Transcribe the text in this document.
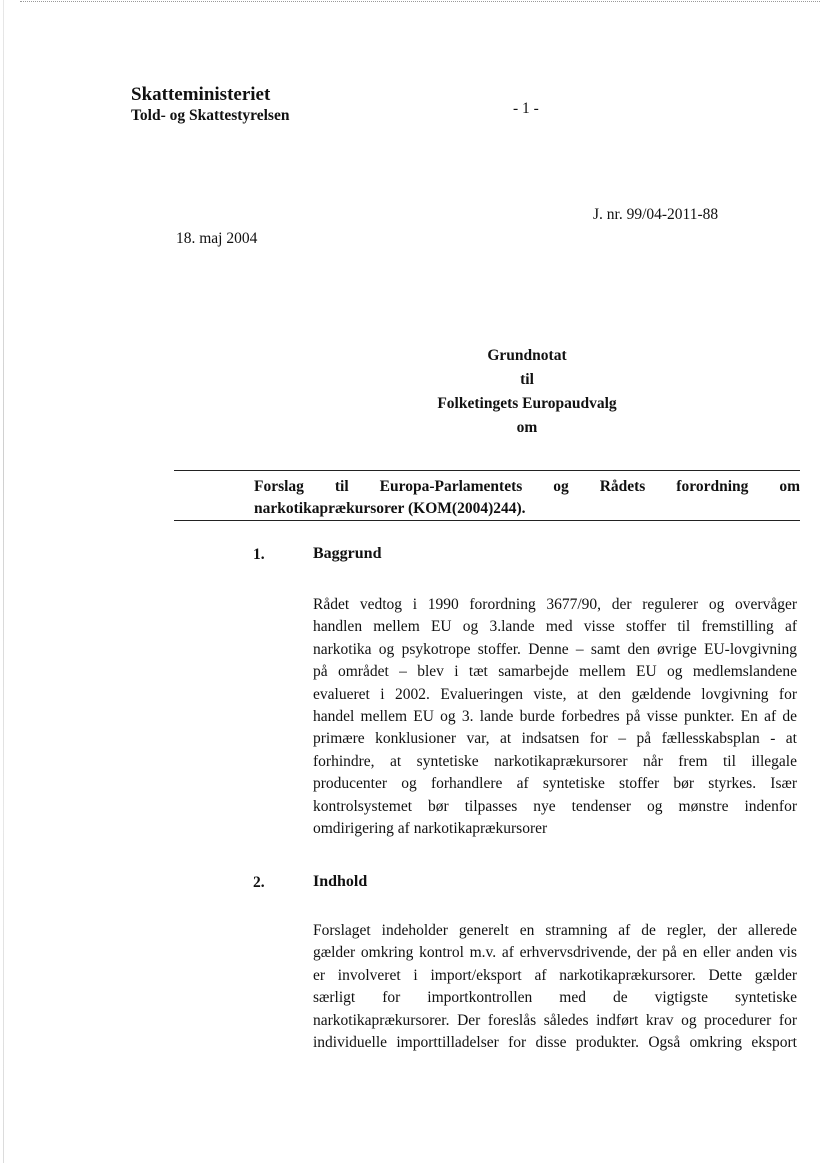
Skatteministeriet
Told- og Skattestyrelsen	- 1 -
J. nr. 99/04-2011-88
18. maj 2004
Grundnotat
til
Folketingets Europaudvalg
om
Forslag til Europa-Parlamentets og Rådets forordning om
narkotikaprækursorer (KOM(2004)244).
1.	Baggrund
Rådet vedtog i 1990 forordning 3677/90, der regulerer og overvåger
handlen mellem EU og 3.lande med visse stoffer til fremstilling af
narkotika og psykotrope stoffer. Denne – samt den øvrige EU-lovgivning
på området – blev i tæt samarbejde mellem EU og medlemslandene
evalueret i 2002. Evalueringen viste, at den gældende lovgivning for
handel mellem EU og 3. lande burde forbedres på visse punkter. En af de
primære konklusioner var, at indsatsen for – på fællesskabsplan - at
forhindre, at syntetiske narkotikaprækursorer når frem til illegale
producenter og forhandlere af syntetiske stoffer bør styrkes. Især
kontrolsystemet bør tilpasses nye tendenser og mønstre indenfor
omdirigering af narkotikaprækursorer
2.	Indhold
Forslaget indeholder generelt en stramning af de regler, der allerede
gælder omkring kontrol m.v. af erhvervsdrivende, der på en eller anden vis
er involveret i import/eksport af narkotikaprækursorer. Dette gælder
særligt for importkontrollen med de vigtigste syntetiske
narkotikaprækursorer. Der foreslås således indført krav og procedurer for
individuelle importtilladelser for disse produkter. Også omkring eksport
